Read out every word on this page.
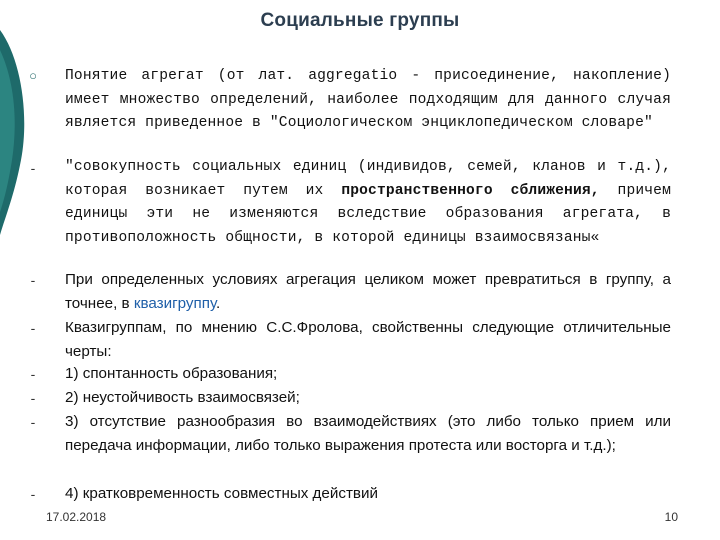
Социальные группы
○	Понятие агрегат (от лат. aggregatio - присоединение, накопление) имеет множество определений, наиболее подходящим для данного случая является приведенное в "Социологическом энциклопедическом словаре"
-	"совокупность социальных единиц (индивидов, семей, кланов и т.д.), которая возникает путем их пространственного сближения, причем единицы эти не изменяются вследствие образования агрегата, в противоположность общности, в которой единицы взаимосвязаны«
-	При определенных условиях агрегация целиком может превратиться в группу, а точнее, в квазигруппу.
-	Квазигруппам, по мнению С.С.Фролова, свойственны следующие отличительные черты:
-	1) спонтанность образования;
-	2) неустойчивость взаимосвязей;
-	3) отсутствие разнообразия во взаимодействиях (это либо только прием или передача информации, либо только выражения протеста или восторга и т.д.);
-	4) кратковременность совместных действий
17.02.2018	10
